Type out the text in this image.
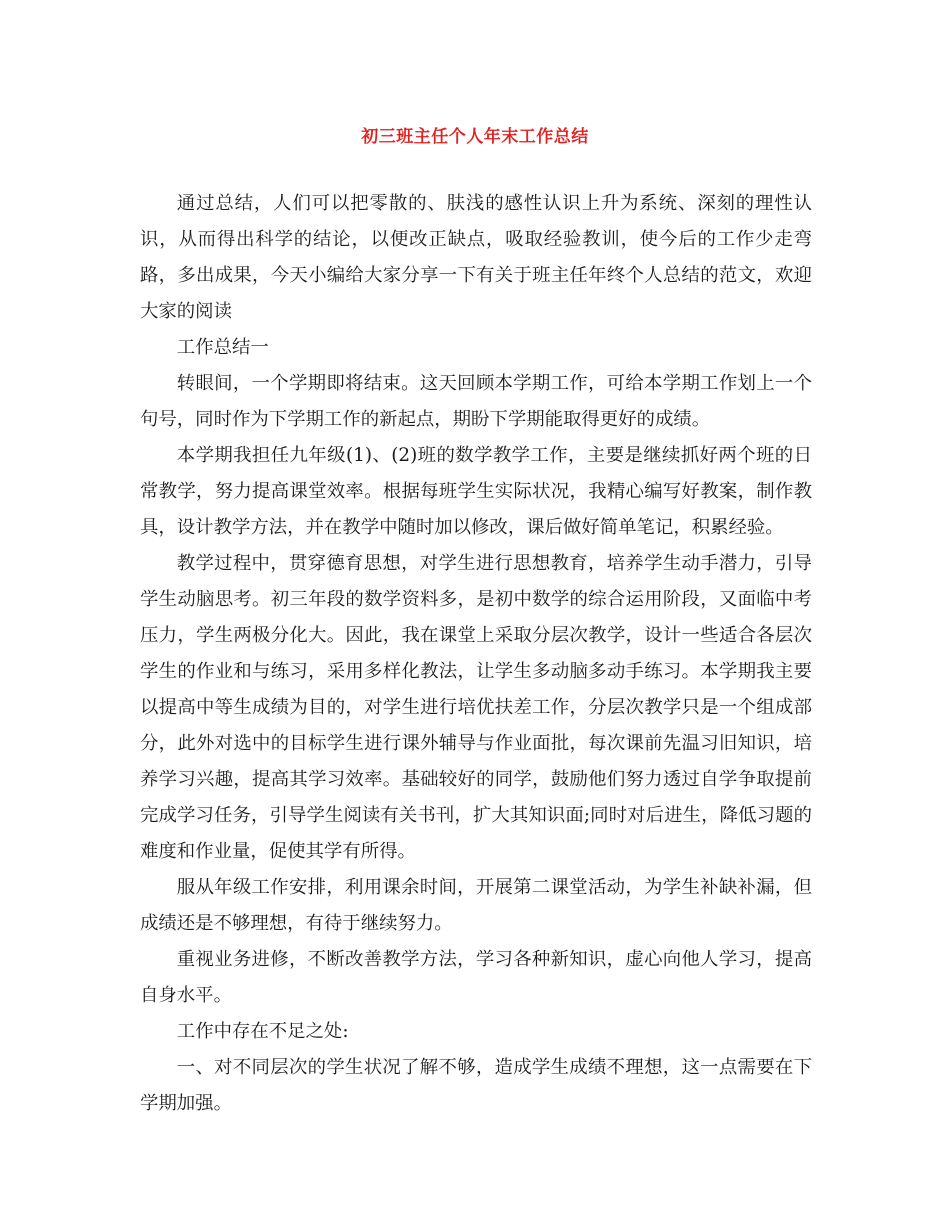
初三班主任个人年末工作总结

通过总结，人们可以把零散的、肤浅的感性认识上升为系统、深刻的理性认识，从而得出科学的结论，以便改正缺点，吸取经验教训，使今后的工作少走弯路，多出成果，今天小编给大家分享一下有关于班主任年终个人总结的范文，欢迎大家的阅读

工作总结一

转眼间，一个学期即将结束。这天回顾本学期工作，可给本学期工作划上一个句号，同时作为下学期工作的新起点，期盼下学期能取得更好的成绩。

本学期我担任九年级(1)、(2)班的数学教学工作，主要是继续抓好两个班的日常教学，努力提高课堂效率。根据每班学生实际状况，我精心编写好教案，制作教具，设计教学方法，并在教学中随时加以修改，课后做好简单笔记，积累经验。

教学过程中，贯穿德育思想，对学生进行思想教育，培养学生动手潜力，引导学生动脑思考。初三年段的数学资料多，是初中数学的综合运用阶段，又面临中考压力，学生两极分化大。因此，我在课堂上采取分层次教学，设计一些适合各层次学生的作业和与练习，采用多样化教法，让学生多动脑多动手练习。本学期我主要以提高中等生成绩为目的，对学生进行培优扶差工作，分层次教学只是一个组成部分，此外对选中的目标学生进行课外辅导与作业面批，每次课前先温习旧知识，培养学习兴趣，提高其学习效率。基础较好的同学，鼓励他们努力透过自学争取提前完成学习任务，引导学生阅读有关书刊，扩大其知识面;同时对后进生，降低习题的难度和作业量，促使其学有所得。

服从年级工作安排，利用课余时间，开展第二课堂活动，为学生补缺补漏，但成绩还是不够理想，有待于继续努力。

重视业务进修，不断改善教学方法，学习各种新知识，虚心向他人学习，提高自身水平。

工作中存在不足之处:

一、对不同层次的学生状况了解不够，造成学生成绩不理想，这一点需要在下学期加强。
